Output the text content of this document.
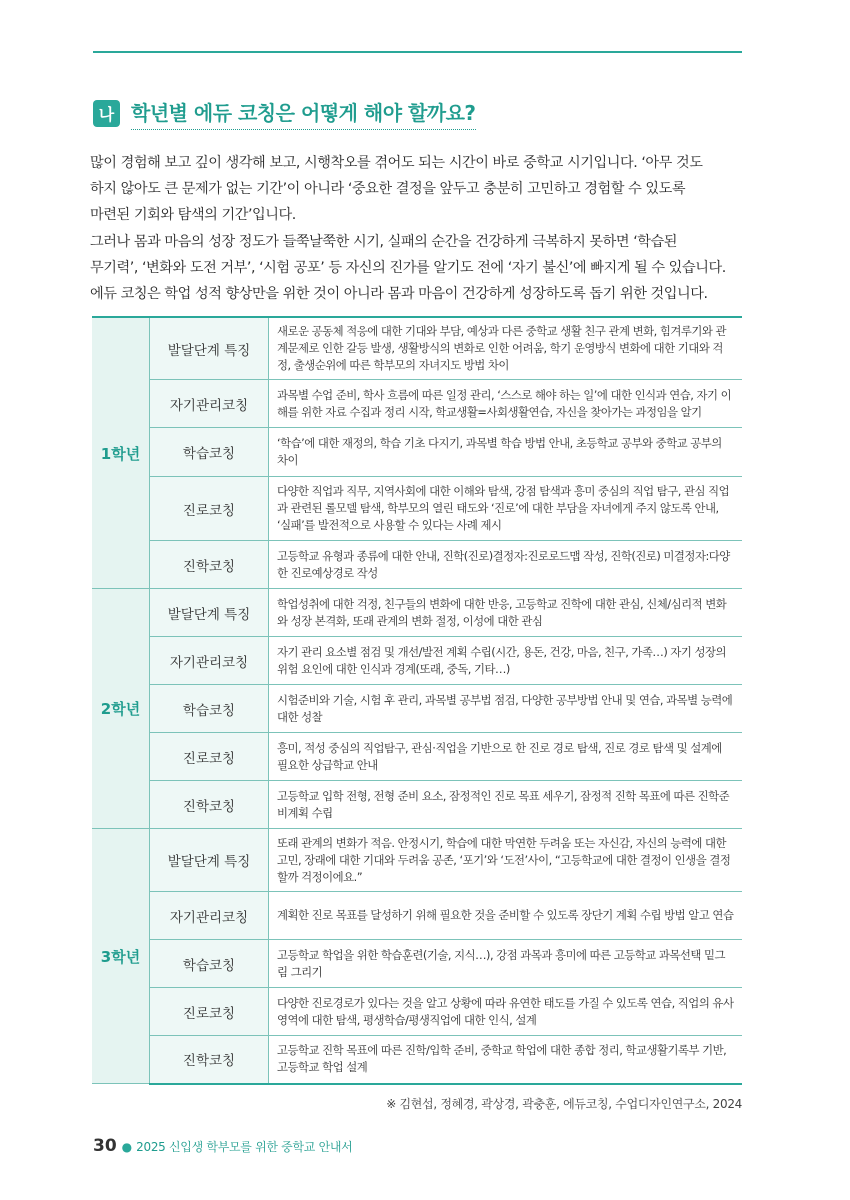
나 학년별 에듀 코칭은 어떻게 해야 할까요?

많이 경험해 보고 깊이 생각해 보고, 시행착오를 겪어도 되는 시간이 바로 중학교 시기입니다. ‘아무 것도

하지 않아도 큰 문제가 없는 기간’이 아니라 ‘중요한 결정을 앞두고 충분히 고민하고 경험할 수 있도록

마련된 기회와 탐색의 기간’입니다.

그러나 몸과 마음의 성장 정도가 들쭉날쭉한 시기, 실패의 순간을 건강하게 극복하지 못하면 ‘학습된

무기력’, ‘변화와 도전 거부’, ‘시험 공포’ 등 자신의 진가를 알기도 전에 ‘자기 불신’에 빠지게 될 수 있습니다.

에듀 코칭은 학업 성적 향상만을 위한 것이 아니라 몸과 마음이 건강하게 성장하도록 돕기 위한 것입니다.

1학년	발달단계 특징	새로운 공동체 적응에 대한 기대와 부담, 예상과 다른 중학교 생활 친구 관계 변화, 힘겨루기와 관계문제로 인한 갈등 발생, 생활방식의 변화로 인한 어려움, 학기 운영방식 변화에 대한 기대와 걱정, 출생순위에 따른 학부모의 자녀지도 방법 차이
	자기관리코칭	과목별 수업 준비, 학사 흐름에 따른 일정 관리, ‘스스로 해야 하는 일’에 대한 인식과 연습, 자기 이해를 위한 자료 수집과 정리 시작, 학교생활=사회생활연습, 자신을 찾아가는 과정임을 알기
	학습코칭	‘학습’에 대한 재정의, 학습 기초 다지기, 과목별 학습 방법 안내, 초등학교 공부와 중학교 공부의 차이
	진로코칭	다양한 직업과 직무, 지역사회에 대한 이해와 탐색, 강점 탐색과 흥미 중심의 직업 탐구, 관심 직업과 관련된 롤모델 탐색, 학부모의 열린 태도와 ‘진로’에 대한 부담을 자녀에게 주지 않도록 안내, ‘실패’를 발전적으로 사용할 수 있다는 사례 제시
	진학코칭	고등학교 유형과 종류에 대한 안내, 진학(진로)결정자:진로로드맵 작성, 진학(진로) 미결정자:다양한 진로예상경로 작성
2학년	발달단계 특징	학업성취에 대한 걱정, 친구들의 변화에 대한 반응, 고등학교 진학에 대한 관심, 신체/심리적 변화와 성장 본격화, 또래 관계의 변화 절정, 이성에 대한 관심
	자기관리코칭	자기 관리 요소별 점검 및 개선/발전 계획 수립(시간, 용돈, 건강, 마음, 친구, 가족…) 자기 성장의 위험 요인에 대한 인식과 경계(또래, 중독, 기타…)
	학습코칭	시험준비와 기술, 시험 후 관리, 과목별 공부법 점검, 다양한 공부방법 안내 및 연습, 과목별 능력에 대한 성찰
	진로코칭	흥미, 적성 중심의 직업탐구, 관심·직업을 기반으로 한 진로 경로 탐색, 진로 경로 탐색 및 설계에 필요한 상급학교 안내
	진학코칭	고등학교 입학 전형, 전형 준비 요소, 잠정적인 진로 목표 세우기, 잠정적 진학 목표에 따른 진학준비계획 수립
3학년	발달단계 특징	또래 관계의 변화가 적음. 안정시기, 학습에 대한 막연한 두려움 또는 자신감, 자신의 능력에 대한 고민, 장래에 대한 기대와 두려움 공존, ‘포기’와 ‘도전’사이, “고등학교에 대한 결정이 인생을 결정할까 걱정이에요.”
	자기관리코칭	계획한 진로 목표를 달성하기 위해 필요한 것을 준비할 수 있도록 장단기 계획 수립 방법 알고 연습
	학습코칭	고등학교 학업을 위한 학습훈련(기술, 지식…), 강점 과목과 흥미에 따른 고등학교 과목선택 밑그림 그리기
	진로코칭	다양한 진로경로가 있다는 것을 알고 상황에 따라 유연한 태도를 가질 수 있도록 연습, 직업의 유사영역에 대한 탐색, 평생학습/평생직업에 대한 인식, 설계
	진학코칭	고등학교 진학 목표에 따른 진학/입학 준비, 중학교 학업에 대한 종합 정리, 학교생활기록부 기반, 고등학교 학업 설계
※ 김현섭, 정혜경, 곽상경, 곽충훈, 에듀코칭, 수업디자인연구소, 2024
30 ● 2025 신입생 학부모를 위한 중학교 안내서
